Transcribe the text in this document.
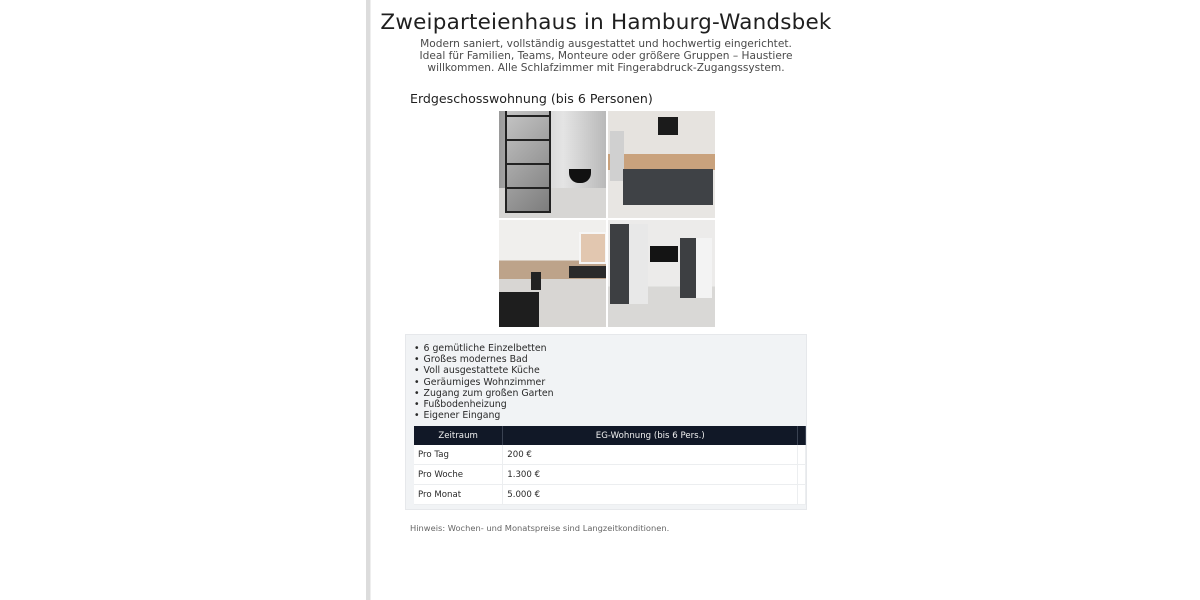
Zweiparteienhaus in Hamburg-Wandsbek

Modern saniert, vollständig ausgestattet und hochwertig eingerichtet. Ideal für Familien, Teams, Monteure oder größere Gruppen – Haustiere willkommen. Alle Schlafzimmer mit Fingerabdruck-Zugangssystem.

Erdgeschosswohnung (bis 6 Personen)
• 6 gemütliche Einzelbetten
• Großes modernes Bad
• Voll ausgestattete Küche
• Geräumiges Wohnzimmer
• Zugang zum großen Garten
• Fußbodenheizung
• Eigener Eingang
Zeitraum	EG-Wohnung (bis 6 Pers.)	
Pro Tag	200 €	
Pro Woche	1.300 €	
Pro Monat	5.000 €	

Hinweis: Wochen- und Monatspreise sind Langzeitkonditionen.
